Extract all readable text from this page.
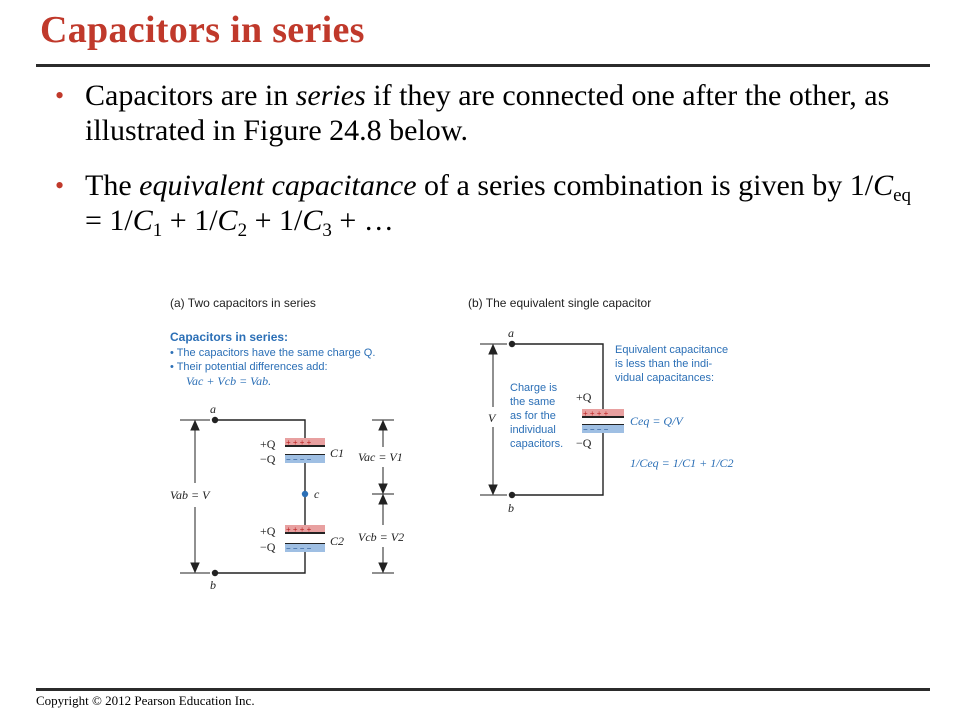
Capacitors in series
• Capacitors are in series if they are connected one after the other, as illustrated in Figure 24.8 below.
• The equivalent capacitance of a series combination is given by $1/C_{eq} = 1/C_1 + 1/C_2 + 1/C_3$ + …
(a) Two capacitors in series
Capacitors in series:
• The capacitors have the same charge Q.
• Their potential differences add:
Vac + Vcb = Vab.
a
b
c
+ + + +
− − − −
+Q
−Q	C1
+ + + +
− − − −
+Q
−Q	C2
Vab = V
Vac = V1
Vcb = V2
(b) The equivalent single capacitor
a
b
+ + + +
− − − −
+Q
−Q
V
Charge is
the same
as for the
individual
capacitors.
Equivalent capacitance
is less than the indi-
vidual capacitances:
Ceq = Q/V
1/Ceq = 1/C1 + 1/C2
Copyright © 2012 Pearson Education Inc.
